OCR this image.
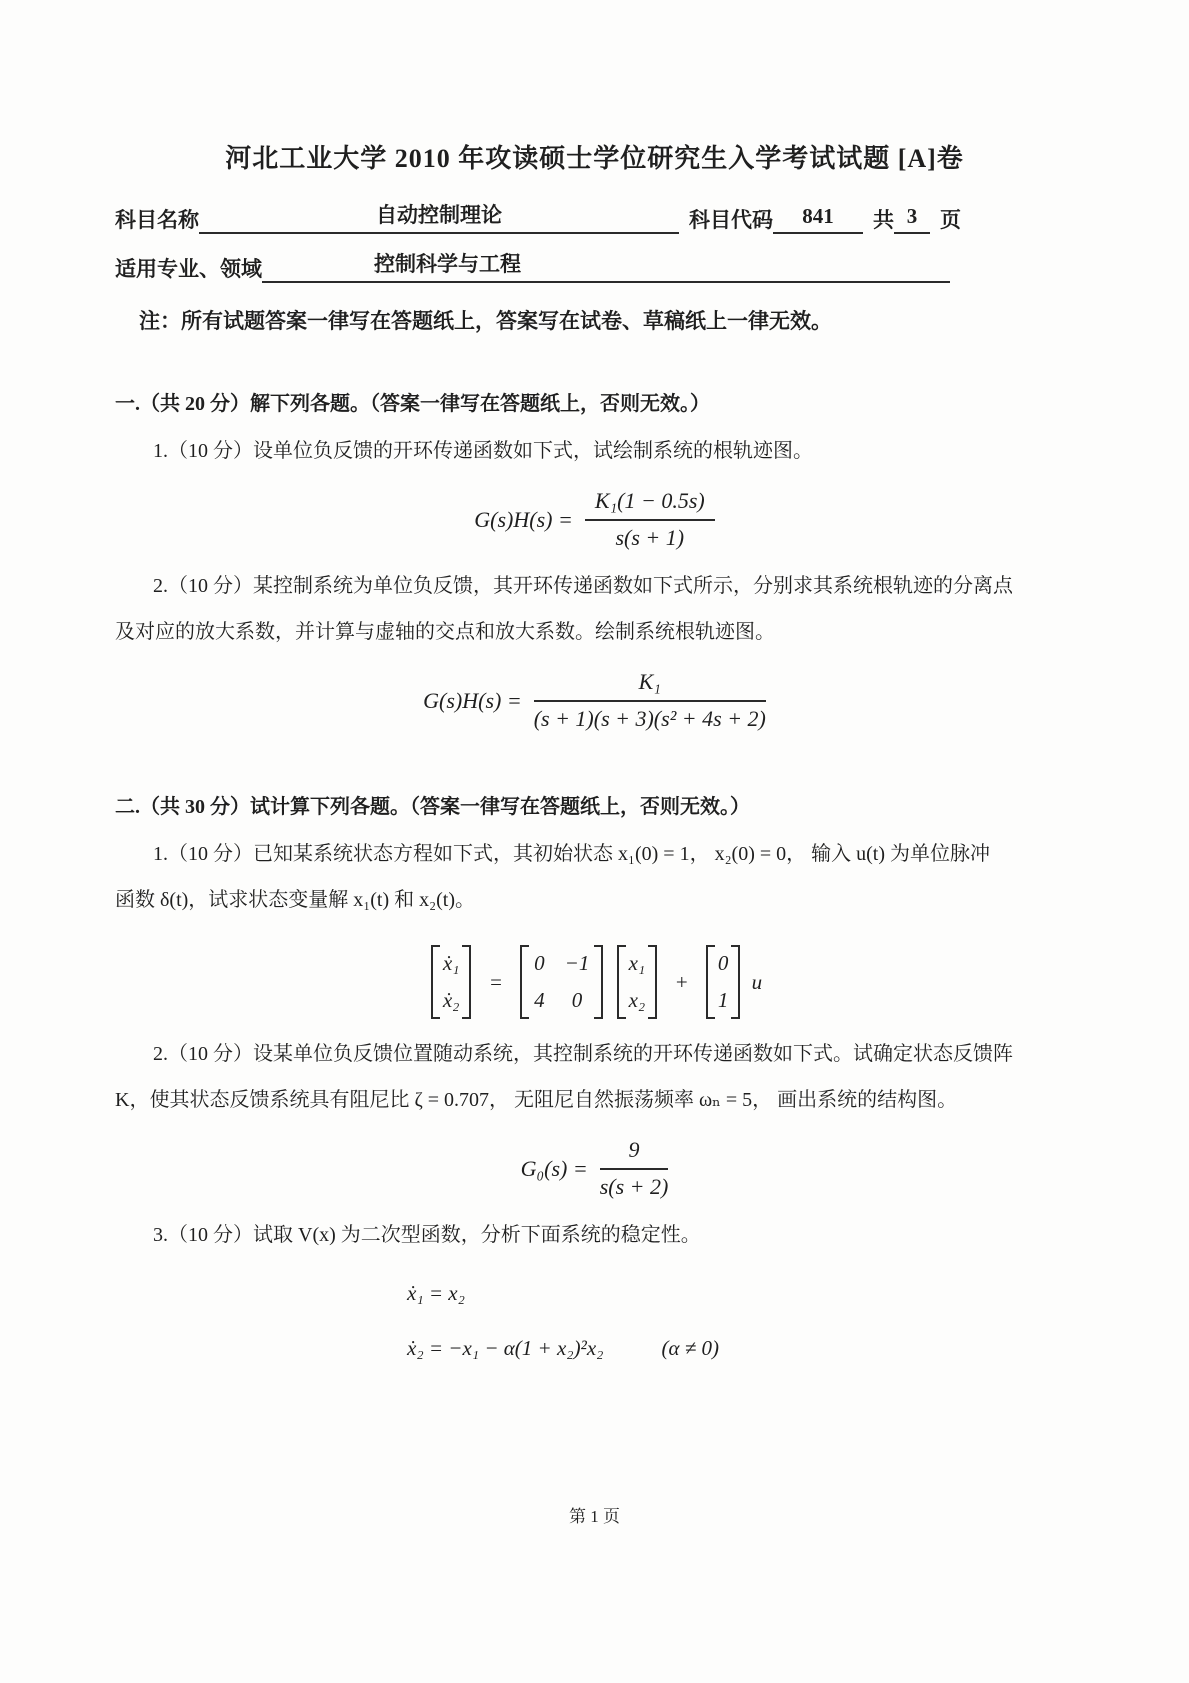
河北工业大学 2010 年攻读硕士学位研究生入学考试试题 [A]卷
科目名称	自动控制理论	科目代码 841 共 3 页
适用专业、领域	控制科学与工程
注：所有试题答案一律写在答题纸上，答案写在试卷、草稿纸上一律无效。
一.（共 20 分）解下列各题。（答案一律写在答题纸上，否则无效。）
1.（10 分）设单位负反馈的开环传递函数如下式，试绘制系统的根轨迹图。
$G(s)H(s) = \frac{\text{K₁(1 − 0.5s)}}{s(s + 1)}$
2.（10 分）某控制系统为单位负反馈，其开环传递函数如下式所示，分别求其系统根轨迹的分离点
及对应的放大系数，并计算与虚轴的交点和放大系数。绘制系统根轨迹图。
$G(s)H(s) = \frac{\text{K₁}}{\text{(s + 1)(s + 3)(s² + 4s + 2)}}$
二.（共 30 分）试计算下列各题。（答案一律写在答题纸上，否则无效。）
1.（10 分）已知某系统状态方程如下式，其初始状态 x₁(0) = 1， x₂(0) = 0， 输入 u(t) 为单位脉冲
函数 δ(t)，试求状态变量解 x₁(t) 和 x₂(t)。
ẋ₁
ẋ₂
=
0 −1
4	0

x₁
x₂
+
0
1
u
2.（10 分）设某单位负反馈位置随动系统，其控制系统的开环传递函数如下式。试确定状态反馈阵
K，使其状态反馈系统具有阻尼比 ζ = 0.707， 无阻尼自然振荡频率 ωₙ = 5， 画出系统的结构图。
$G_0(s) = \frac{9}{s(s + 2)}$
3.（10 分）试取 V(x) 为二次型函数，分析下面系统的稳定性。
ẋ₁ = x₂
ẋ₂ = −x₁ − α(1 + x₂)²x₂	(α ≠ 0)
第 1 页
